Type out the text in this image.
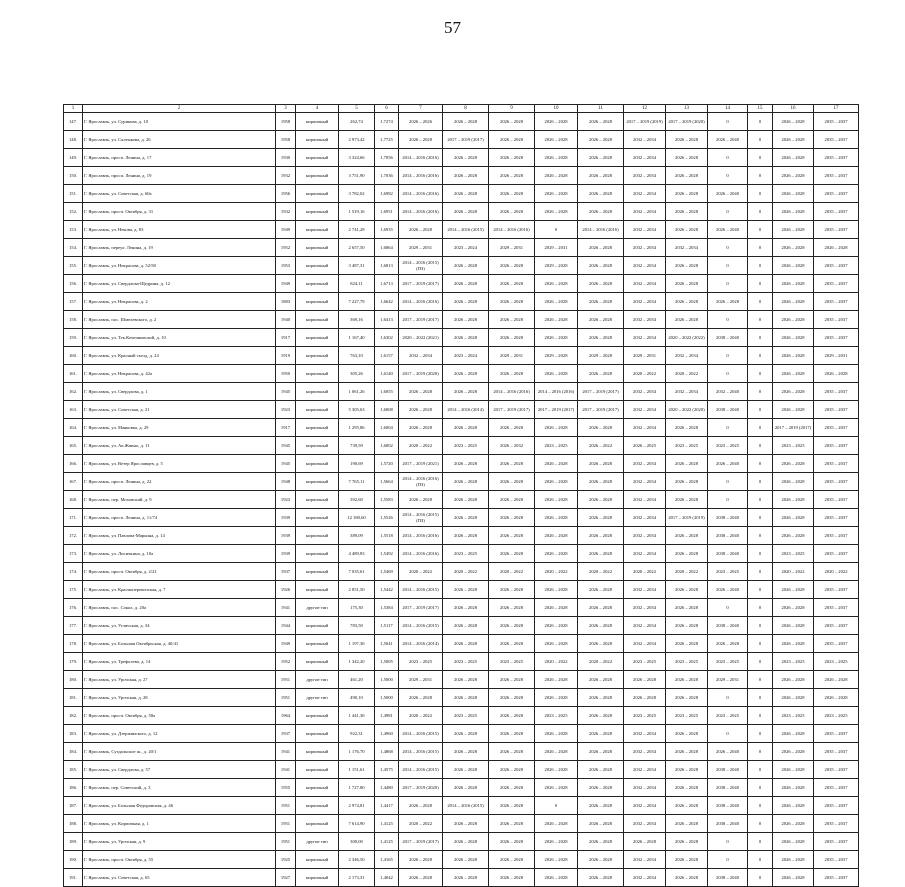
57
1	2	3	4	5	6	7	8	9	10	11	12	13	14	15	16	17
147.	Г. Ярославль, ул. Сурикова, д. 10	1958	кирпичный	262,74	1,7274	2026 – 2026	2026 – 2028	2026 – 2028	2026 – 2028	2026 – 2028	2017 – 2019 (2019)	2017 – 2019 (2020)	0	0	2026 – 2028	2035 – 2037
148.	Г. Ярославль, ул. Салтыкова, д. 26	1958	кирпичный	2 973,42	1,7725	2026 – 2028	2017 – 2019 (2017)	2026 – 2028	2026 – 2028	2026 – 2028	2032 – 2034	2026 – 2028	2026 – 2040	0	2026 – 2028	2035 – 2037
149.	Г. Ярославль, просп. Ленина, д. 17	1930	кирпичный	3 324,66	1,7056	2014 – 2016 (2016)	2026 – 2028	2026 – 2028	2026 – 2028	2026 – 2028	2032 – 2034	2026 – 2028	0	0	2026 – 2028	2035 – 2037
150.	Г. Ярославль, просп. Ленина, д. 19	1932	кирпичный	3 751,90	1,7036	2014 – 2016 (2016)	2026 – 2028	2026 – 2028	2026 – 2028	2026 – 2028	2032 – 2034	2026 – 2028	0	0	2026 – 2028	2035 – 2037
151.	Г. Ярославль, ул. Советская, д. 60а	1956	кирпичный	3 782,02	1,6982	2014 – 2016 (2016)	2026 – 2028	2026 – 2028	2026 – 2028	2026 – 2028	2032 – 2034	2026 – 2028	2026 – 2040	0	2026 – 2028	2035 – 2037
152.	Г. Ярославль, просп. Октября, д. 31	1932	кирпичный	1 519,16	1,6951	2014 – 2016 (2016)	2026 – 2028	2026 – 2028	2026 – 2028	2026 – 2028	2032 – 2034	2026 – 2028	0	0	2026 – 2028	2035 – 2037
153.	Г. Ярославль, ул. Некова, д. 83	1949	кирпичный	2 741,28	1,6935	2026 – 2028	2014 – 2016 (2015)	2014 – 2016 (2016)	0	2014 – 2016 (2016)	2032 – 2034	2026 – 2028	2026 – 2040	0	2026 – 2028	2035 – 2037
154.	Г. Ярославль, переул. Ленина, д. 19	1952	кирпичный	2 657,50	1,6864	2029 – 2031	2023 – 2024	2029 – 2031	2029 – 2031	2026 – 2028	2032 – 2034	2032 – 2034	0	0	2026 – 2028	2026 – 2028
155.	Г. Ярославль, ул. Некрасова, д. 52/58	1953	кирпичный	3 487,31	1,6813	2014 – 2016 (2015)(ПЗ)	2026 – 2028	2026 – 2028	2029 – 2028	2026 – 2028	2032 – 2034	2026 – 2028	0	0	2026 – 2028	2035 – 2037
156.	Г. Ярославль, ул. Свердлова-Щедрина, д. 12	1949	кирпичный	824,11	1,6713	2017 – 2019 (2017)	2026 – 2028	2026 – 2028	2026 – 2028	2026 – 2028	2032 – 2034	2026 – 2028	0	0	2026 – 2028	2035 – 2037
157.	Г. Ярославль, ул. Некрасова, д. 2	1883	кирпичный	7 227,79	1,6642	2014 – 2016 (2016)	2026 – 2028	2026 – 2028	2026 – 2028	2026 – 2028	2032 – 2034	2026 – 2028	2026 – 2028	0	2026 – 2028	2035 – 2037
158.	Г. Ярославль, пос. Шмелевского, д. 2	1940	кирпичный	369,16	1,6413	2017 – 2019 (2017)	2026 – 2028	2026 – 2028	2026 – 2028	2026 – 2028	2032 – 2034	2026 – 2028	0	0	2026 – 2028	2035 – 2037
159.	Г. Ярославль, ул. Тек.Кочешковской, д. 10	1917	кирпичный	1 167,40	1,6302	2020 – 2022 (2021)	2026 – 2028	2026 – 2028	2026 – 2028	2026 – 2028	2032 – 2034	2020 – 2022 (2022)	2038 – 2040	0	2026 – 2028	2035 – 2037
160.	Г. Ярославль, ул. Красный съезд, д. 24	1919	кирпичный	763,10	1,6157	2032 – 2034	2023 – 2024	2029 – 2031	2029 – 2028	2029 – 2028	2029 – 2031	2032 – 2034	0	0	2026 – 2028	2029 – 2031
161.	Г. Ярославль, ул. Некрасова, д. 42а	1950	кирпичный	305,26	1,6140	2017 – 2019 (2020)	2026 – 2028	2026 – 2028	2026 – 2028	2026 – 2028	2020 – 2022	2020 – 2022	0	0	2026 – 2028	2026 – 2028
162.	Г. Ярославль, ул. Свердлова, д. 1	1945	кирпичный	1 061,26	1,6055	2026 – 2028	2026 – 2028	2014 – 2016 (2016)	2014 – 2016 (2016)	2017 – 2019 (2017)	2032 – 2034	2032 – 2034	2032 – 2040	0	2026 – 2028	2035 – 2037
163.	Г. Ярославль, ул. Советская, д. 21	1923	кирпичный	5 305,63	1,6008	2026 – 2028	2014 – 2016 (2014)	2017 – 2019 (2017)	2017 – 2019 (2017)	2017 – 2019 (2017)	2032 – 2034	2020 – 2022 (2020)	2038 – 2040	0	2026 – 2028	2035 – 2037
164.	Г. Ярославль, ул. Маяковка, д. 29	1917	кирпичный	1 295,86	1,6004	2026 – 2028	2026 – 2028	2026 – 2028	2026 – 2028	2026 – 2028	2032 – 2034	2026 – 2028	0	0	2017 – 2019 (2017)	2035 – 2037
165.	Г. Ярославль, ул. Ак.Жвино, д. 11	1945	кирпичный	739,59	1,6002	2020 – 2022	2023 – 2025	2026 – 2032	2023 – 2025	2026 – 2022	2026 – 2025	2023 – 2025	2023 – 2025	0	2023 – 2025	2035 – 2037
166.	Г. Ярославль, ул. Ветер Ярославцев, д. 5	1945	кирпичный	190,69	1,5720	2017 – 2019 (2021)	2026 – 2028	2026 – 2028	2026 – 2028	2026 – 2028	2032 – 2034	2026 – 2028	2026 – 2040	0	2026 – 2028	2035 – 2037
167.	Г. Ярославль, просп. Ленина, д. 22	1948	кирпичный	7 765,11	1,5664	2014 – 2016 (2016)(ПЗ)	2026 – 2028	2026 – 2028	2026 – 2028	2026 – 2028	2032 – 2034	2026 – 2028	0	0	2026 – 2028	2035 – 2037
168.	Г. Ярославль, пер. Моховский, д. 9	1923	кирпичный	392,60	1,5583	2026 – 2028	2026 – 2028	2026 – 2028	2026 – 2028	2026 – 2028	2032 – 2034	2026 – 2028	0	0	2026 – 2028	2035 – 2037
171.	Г. Ярославль, просп. Ленина, д. 11/74	1939	кирпичный	12 180,60	1,5526	2014 – 2016 (2015)(ПЗ)	2026 – 2028	2026 – 2028	2026 – 2028	2026 – 2028	2032 – 2034	2017 – 2019 (2019)	2038 – 2040	0	2026 – 2028	2035 – 2037
172.	Г. Ярославль, ул. Павлова-Марьина, д. 14	1939	кирпичный	389,09	1,5518	2014 – 2016 (2016)	2026 – 2028	2026 – 2028	2026 – 2028	2026 – 2028	2032 – 2034	2026 – 2028	2038 – 2040	0	2026 – 2028	2035 – 2037
173.	Г. Ярославль, ул. Лисичкина, д. 10а	1939	кирпичный	4 489,83	1,5492	2014 – 2016 (2016)	2023 – 2025	2026 – 2028	2026 – 2028	2026 – 2028	2032 – 2034	2026 – 2028	2038 – 2040	0	2023 – 2025	2035 – 2037
174.	Г. Ярославль, просп. Октября, д. 2/21	1937	кирпичный	7 035,61	1,5469	2020 – 2022	2020 – 2022	2020 – 2022	2020 – 2022	2020 – 2022	2020 – 2022	2020 – 2022	2023 – 2025	0	2020 – 2022	2020 – 2022
175.	Г. Ярославль, ул. Красноперекопская, д. 7	1926	кирпичный	2 851,50	1,5442	2014 – 2016 (2015)	2026 – 2028	2026 – 2028	2026 – 2028	2026 – 2028	2032 – 2034	2026 – 2028	2026 – 2040	0	2026 – 2028	2035 – 2037
176.	Г. Ярославль, пос. Сокол, д. 20а	1941	другие тип	175,30	1,5384	2017 – 2019 (2017)	2026 – 2028	2026 – 2028	2026 – 2028	2026 – 2028	2032 – 2034	2026 – 2028	0	0	2026 – 2028	2035 – 2037
177.	Г. Ярославль, ул. Угличская, д. 34	1944	кирпичный	783,50	1,5117	2014 – 2016 (2015)	2026 – 2028	2026 – 2028	2026 – 2028	2026 – 2028	2032 – 2034	2026 – 2028	2038 – 2040	0	2026 – 2028	2035 – 2037
178.	Г. Ярославль, ул. Большая Октябрьская, д. 40/41	1949	кирпичный	1 197,30	1,5041	2014 – 2016 (2014)	2026 – 2028	2026 – 2028	2026 – 2028	2026 – 2028	2032 – 2034	2026 – 2028	2026 – 2028	0	2026 – 2028	2035 – 2037
179.	Г. Ярославль, ул. Трефолева, д. 14	1952	кирпичный	1 342,20	1,5005	2023 – 2025	2023 – 2025	2023 – 2025	2020 – 2022	2020 – 2022	2023 – 2025	2023 – 2025	2023 – 2025	0	2023 – 2025	2023 – 2025
180.	Г. Ярославль, ул. Урочская, д. 27	1951	другие тип	461,20	1,5000	2029 – 2031	2026 – 2028	2026 – 2028	2026 – 2028	2026 – 2028	2026 – 2028	2026 – 2028	2029 – 2031	0	2026 – 2028	2026 – 2028
181.	Г. Ярославль, ул. Урочская, д. 28	1951	другие тип	490,10	1,5000	2026 – 2028	2026 – 2028	2026 – 2028	2026 – 2028	2026 – 2028	2026 – 2028	2026 – 2028	0	0	2026 – 2028	2026 – 2028
182.	Г. Ярославль, просп. Октября, д. 58а	1964	кирпичный	1 441,30	1,4981	2020 – 2022	2023 – 2025	2026 – 2028	2023 – 2025	2026 – 2028	2023 – 2025	2023 – 2025	2023 – 2025	0	2023 – 2025	2023 – 2025
183.	Г. Ярославль, ул. Дзержинского, д. 12	1937	кирпичный	922,31	1,4960	2014 – 2016 (2015)	2026 – 2028	2026 – 2028	2026 – 2028	2026 – 2028	2032 – 2034	2026 – 2028	0	0	2026 – 2028	2035 – 2037
184.	Г. Ярославль, Суздальское ш., д. 20/1	1941	кирпичный	1 176,70	1,4868	2014 – 2016 (2015)	2026 – 2028	2026 – 2028	2026 – 2028	2026 – 2028	2032 – 2034	2026 – 2028	2026 – 2040	0	2026 – 2028	2035 – 2037
185.	Г. Ярославль, ул. Свердлова, д. 57	1941	кирпичный	1 151,61	1,4575	2014 – 2016 (2015)	2026 – 2028	2026 – 2028	2026 – 2028	2026 – 2028	2032 – 2034	2026 – 2028	2038 – 2040	0	2026 – 2028	2035 – 2037
186.	Г. Ярославль, пер. Советский, д. 3	1955	кирпичный	1 727,80	1,4480	2017 – 2019 (2020)	2026 – 2028	2026 – 2028	2026 – 2028	2026 – 2028	2032 – 2034	2026 – 2028	2038 – 2040	0	2026 – 2028	2035 – 2037
187.	Г. Ярославль, ул. Большая Федоровская, д. 46	1951	кирпичный	2 974,81	1,4417	2026 – 2028	2014 – 2016 (2015)	2026 – 2028	0	2026 – 2028	2032 – 2034	2026 – 2028	2038 – 2040	0	2026 – 2028	2035 – 2037
188.	Г. Ярославль, ул. Кирпичная, д. 1	1951	кирпичный	7 614,90	1,4125	2020 – 2022	2026 – 2028	2026 – 2028	2026 – 2028	2026 – 2028	2032 – 2034	2026 – 2028	2038 – 2040	0	2026 – 2028	2035 – 2037
189.	Г. Ярославль, ул. Урочская, д. 9	1951	другие тип	300,00	1,4125	2017 – 2019 (2017)	2026 – 2028	2026 – 2028	2026 – 2028	2026 – 2028	2026 – 2028	2026 – 2028	0	0	2026 – 2028	2035 – 2037
190.	Г. Ярославль, просп. Октября, д. 55	1925	кирпичный	2 346,50	1,4165	2026 – 2028	2026 – 2028	2026 – 2028	2026 – 2028	2026 – 2028	2032 – 2034	2026 – 2028	0	0	2026 – 2028	2035 – 2037
191.	Г. Ярославль, ул. Советская, д. 65	1927	кирпичный	2 173,31	1,4042	2026 – 2028	2026 – 2028	2026 – 2028	2026 – 2028	2026 – 2028	2032 – 2034	2026 – 2028	2038 – 2040	0	2026 – 2028	2035 – 2037
